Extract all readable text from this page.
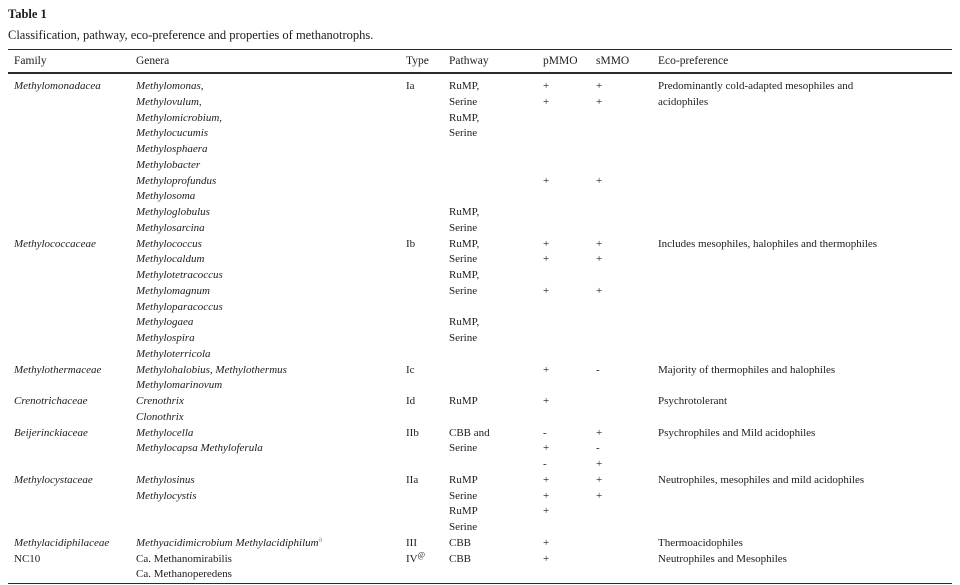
Table 1
Classification, pathway, eco-preference and properties of methanotrophs.
Family	Genera	Type	Pathway	pMMO	sMMO	Eco-preference
Methylomonadacea	Methylomonas,	Ia	RuMP,	+	+	Predominantly cold-adapted mesophiles and
	Methylovulum,		Serine	+	+	acidophiles
	Methylomicrobium,		RuMP,			
	Methylocucumis		Serine			
	Methylosphaera					
	Methylobacter					
	Methyloprofundus			+	+	
	Methylosoma					
	Methyloglobulus		RuMP,			
	Methylosarcina		Serine			
Methylococcaceae	Methylococcus	Ib	RuMP,	+	+	Includes mesophiles, halophiles and thermophiles
	Methylocaldum		Serine	+	+	
	Methylotetracoccus		RuMP,			
	Methylomagnum		Serine	+	+	
	Methyloparacoccus					
	Methylogaea		RuMP,			
	Methylospira		Serine			
	Methyloterricola					
Methylothermaceae	Methylohalobius, Methylothermus	Ic		+	-	Majority of thermophiles and halophiles
	Methylomarinovum					
Crenotrichaceae	Crenothrix	Id	RuMP	+		Psychrotolerant
	Clonothrix					
Beijerinckiaceae	Methylocella	IIb	CBB and	-	+	Psychrophiles and Mild acidophiles
	Methylocapsa Methyloferula		Serine	+	-	
				-	+	
Methylocystaceae	Methylosinus	IIa	RuMP	+	+	Neutrophiles, mesophiles and mild acidophiles
	Methylocystis		Serine	+	+	
			RuMP	+		
			Serine			
Methylacidiphilaceae	Methyacidimicrobium Methylacidiphilum$^a$	III	CBB	+		Thermoacidophiles
NC10	Ca. Methanomirabilis	IV@	CBB	+		Neutrophiles and Mesophiles
	Ca. Methanoperedens					
